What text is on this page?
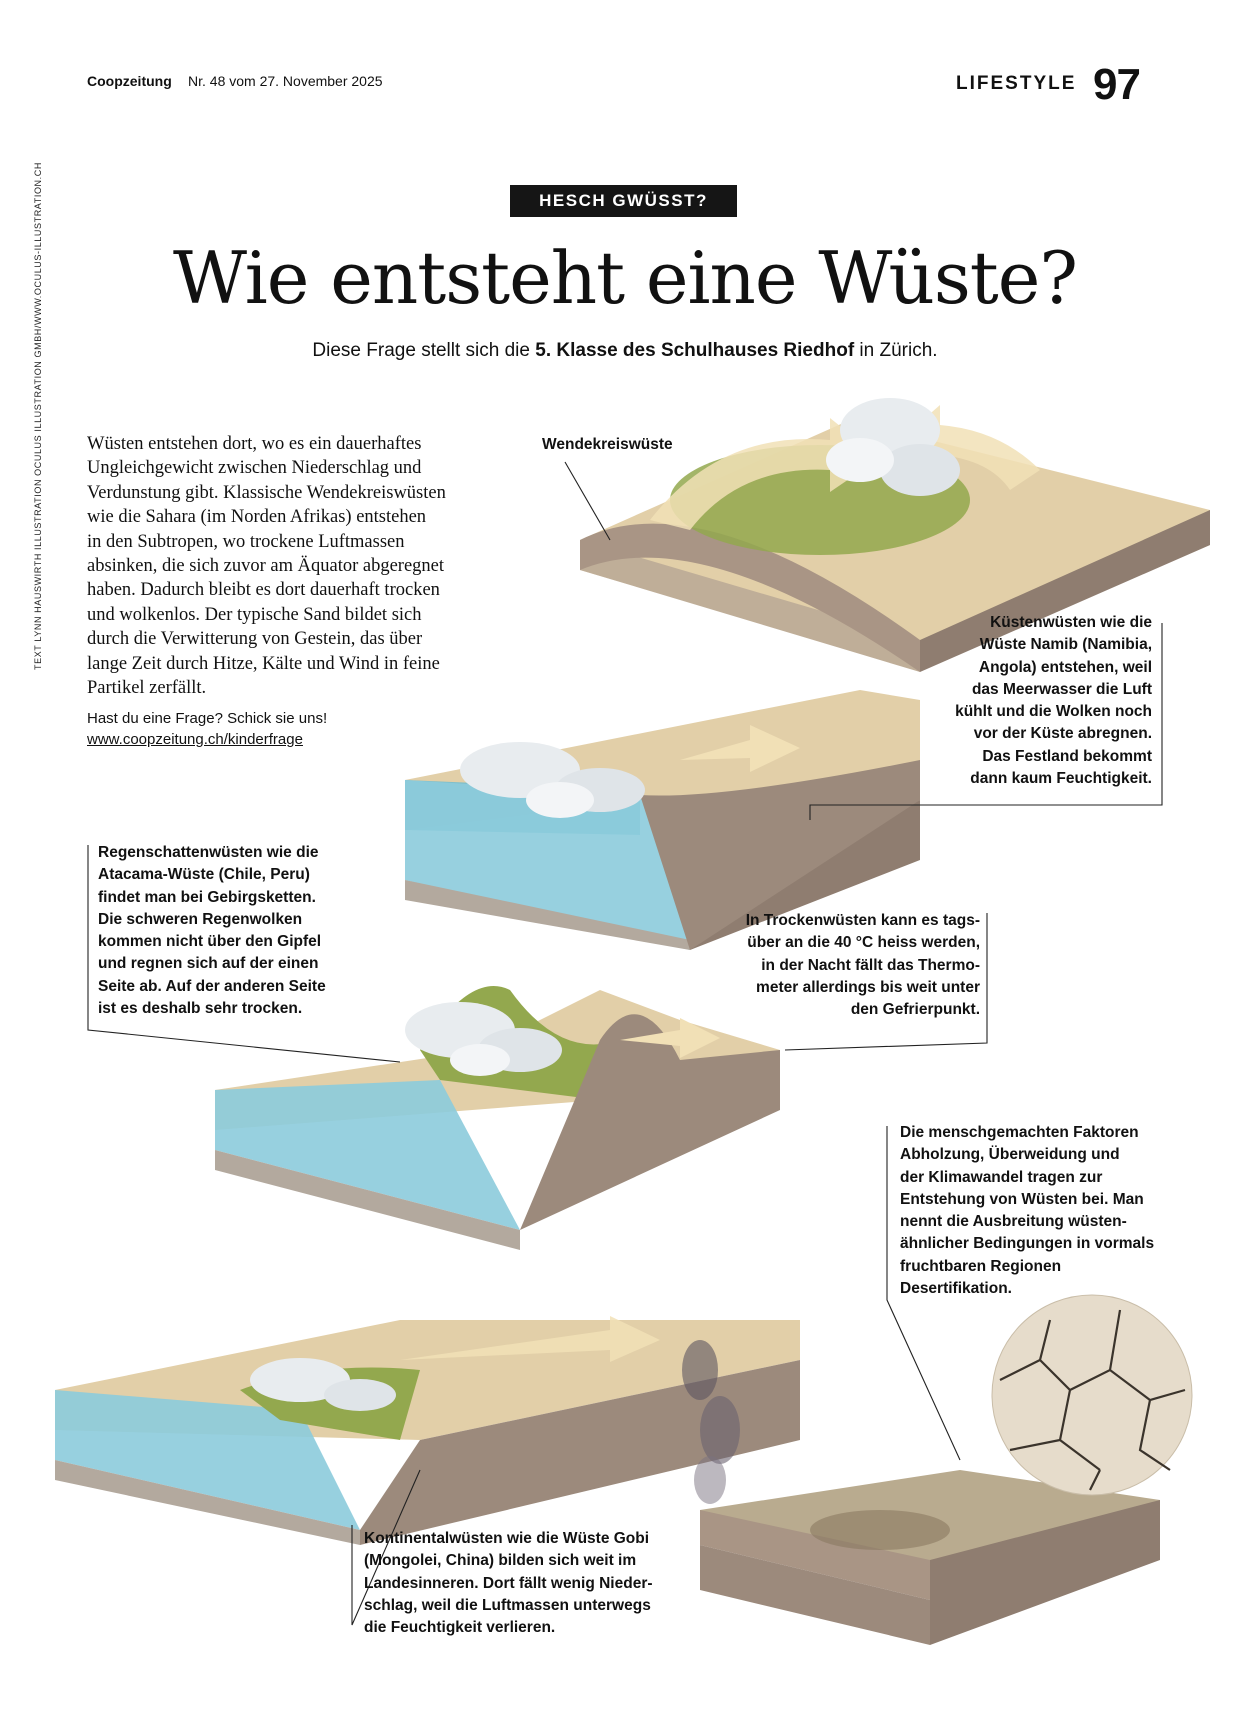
Coopzeitung Nr. 48 vom 27. November 2025	LIFESTYLE 97
TEXT LYNN HAUSWIRTH ILLUSTRATION OCULUS ILLUSTRATION GMBH/WWW.OCULUS-ILLUSTRATION.CH	HESCH GWÜSST?
Wie entsteht eine Wüste?
Diese Frage stellt sich die 5. Klasse des Schulhauses Riedhof in Zürich.
Wüsten entstehen dort, wo es ein dauerhaftes
Ungleichgewicht zwischen Niederschlag und
Verdunstung gibt. Klassische Wendekreiswüsten
wie die Sahara (im Norden Afrikas) entstehen
in den Subtropen, wo trockene Luftmassen
absinken, die sich zuvor am Äquator abgeregnet
haben. Dadurch bleibt es dort dauerhaft trocken
und wolkenlos. Der typische Sand bildet sich
durch die Verwitterung von Gestein, das über
lange Zeit durch Hitze, Kälte und Wind in feine
Partikel zerfällt.
Hast du eine Frage? Schick sie uns!
www.coopzeitung.ch/kinderfrage
Wendekreiswüste
Küstenwüsten wie die
Wüste Namib (Namibia,
Angola) entstehen, weil
das Meerwasser die Luft
kühlt und die Wolken noch
vor der Küste abregnen.
Das Festland bekommt
dann kaum Feuchtigkeit.
Regenschattenwüsten wie die
Atacama-Wüste (Chile, Peru)
findet man bei Gebirgsketten.
Die schweren Regenwolken
kommen nicht über den Gipfel
und regnen sich auf der einen
Seite ab. Auf der anderen Seite
ist es deshalb sehr trocken.
In Trockenwüsten kann es tags-
über an die 40 °C heiss werden,
in der Nacht fällt das Thermo-
meter allerdings bis weit unter
den Gefrierpunkt.
Die menschgemachten Faktoren
Abholzung, Überweidung und
der Klimawandel tragen zur
Entstehung von Wüsten bei. Man
nennt die Ausbreitung wüsten-
ähnlicher Bedingungen in vormals
fruchtbaren Regionen
Desertifikation.
Kontinentalwüsten wie die Wüste Gobi
(Mongolei, China) bilden sich weit im
Landesinneren. Dort fällt wenig Nieder-
schlag, weil die Luftmassen unterwegs
die Feuchtigkeit verlieren.
